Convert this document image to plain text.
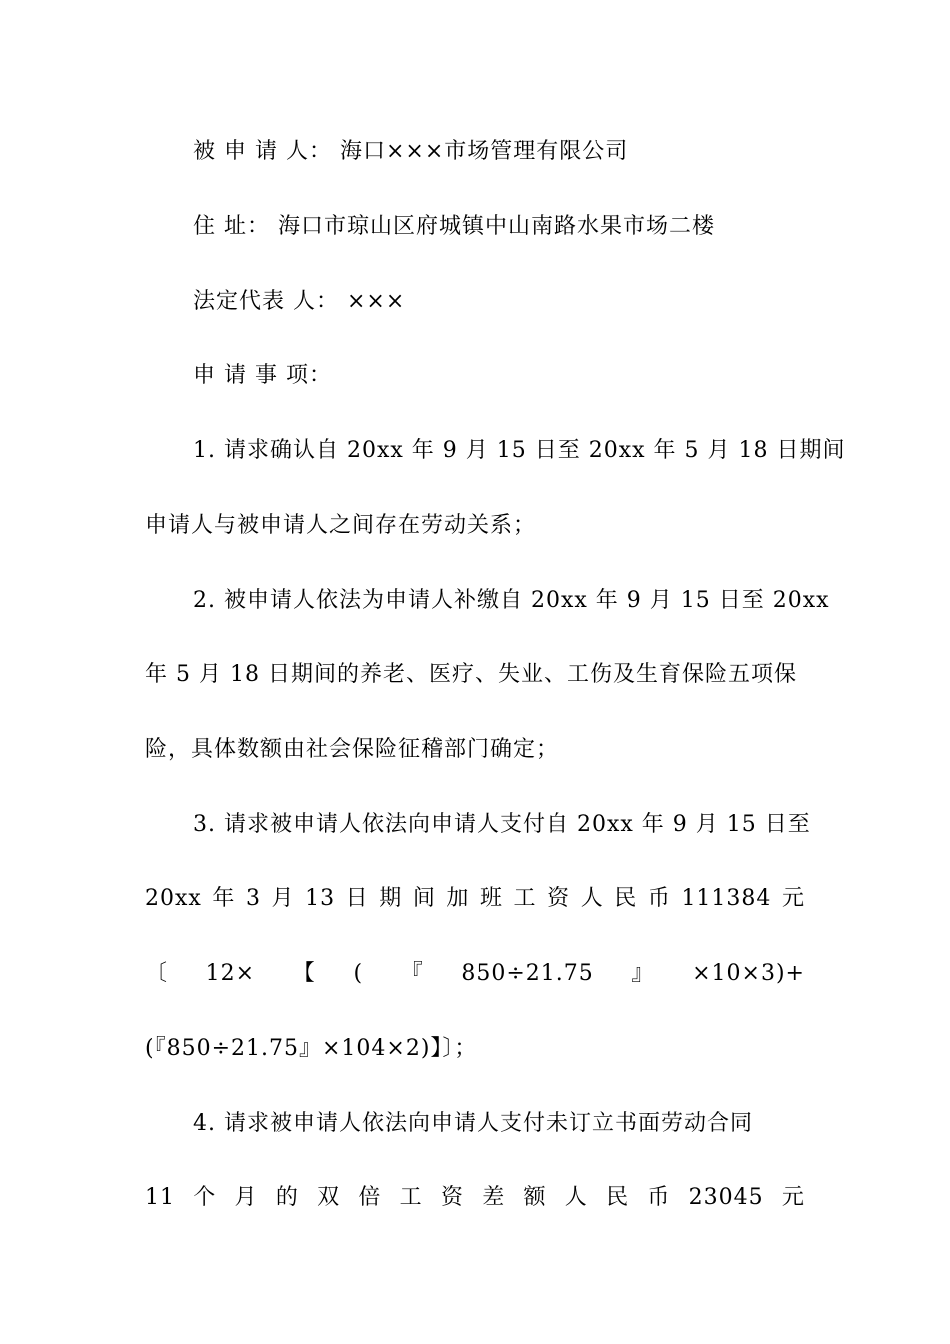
被 申 请 人： 海口×××市场管理有限公司
住 址： 海口市琼山区府城镇中山南路水果市场二楼
法定代表 人： ×××
申 请 事 项：
1. 请求确认自 20xx 年 9 月 15 日至 20xx 年 5 月 18 日期间
申请人与被申请人之间存在劳动关系；
2. 被申请人依法为申请人补缴自 20xx 年 9 月 15 日至 20xx
年 5 月 18 日期间的养老、医疗、失业、工伤及生育保险五项保
险，具体数额由社会保险征稽部门确定；
3. 请求被申请人依法向申请人支付自 20xx 年 9 月 15 日至
20xx 年 3 月 13 日 期 间 加 班 工 资 人 民 币 111384 元
〔 12× 【 ( 『 850÷21.75 』 ×10×3)+
(『850÷21.75』×104×2)】〕；
4. 请求被申请人依法向申请人支付未订立书面劳动合同
11 个 月 的 双 倍 工 资 差 额 人 民 币 23045 元
